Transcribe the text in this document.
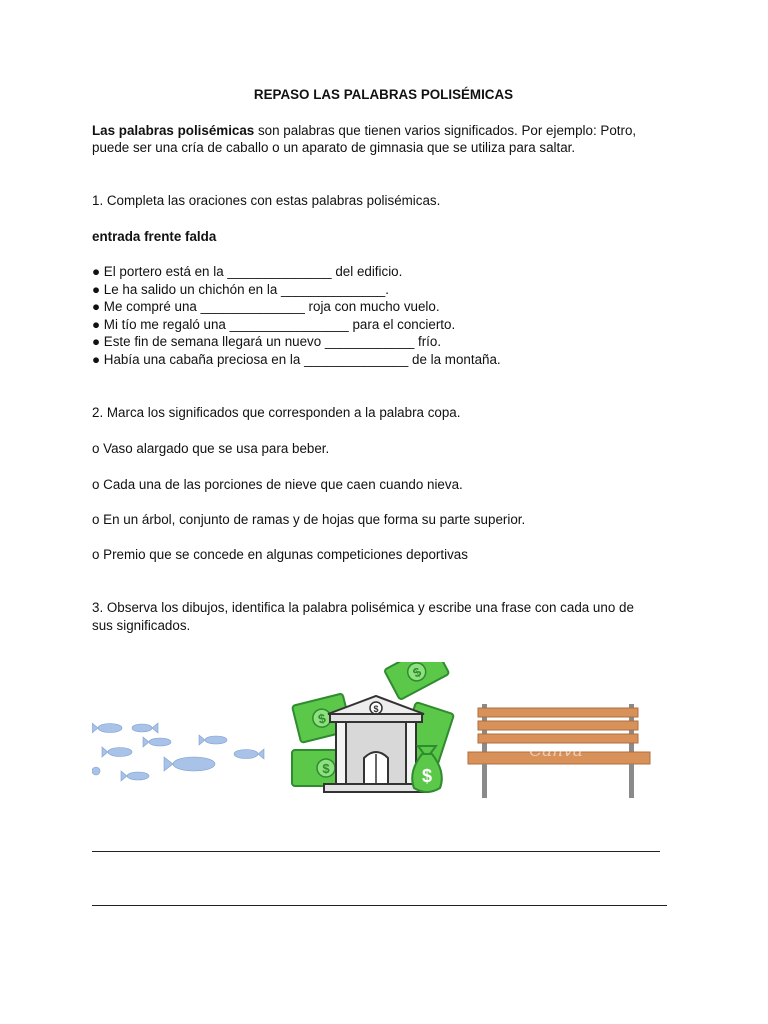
REPASO LAS PALABRAS POLISÉMICAS
Las palabras polisémicas son palabras que tienen varios significados. Por ejemplo: Potro,
puede ser una cría de caballo o un aparato de gimnasia que se utiliza para saltar.
1. Completa las oraciones con estas palabras polisémicas.
entrada frente falda
● El portero está en la ______________ del edificio.
● Le ha salido un chichón en la ______________.
● Me compré una ______________ roja con mucho vuelo.
● Mi tío me regaló una ________________ para el concierto.
● Este fin de semana llegará un nuevo ____________ frío.
● Había una cabaña preciosa en la ______________ de la montaña.
2. Marca los significados que corresponden a la palabra copa.
o Vaso alargado que se usa para beber.
o Cada una de las porciones de nieve que caen cuando nieva.
o En un árbol, conjunto de ramas y de hojas que forma su parte superior.
o Premio que se concede en algunas competiciones deportivas
3. Observa los dibujos, identifica la palabra polisémica y escribe una frase con cada uno de
sus significados.
$
$
$
$
$
Canva
